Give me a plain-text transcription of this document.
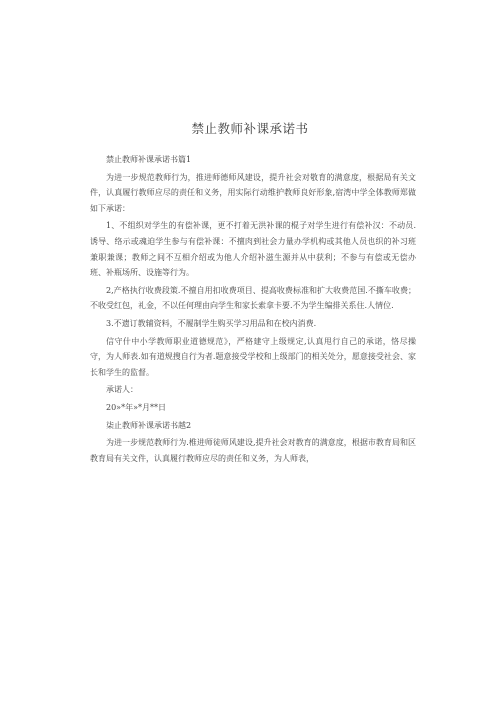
禁止教师补课承诺书

禁止教师补课承诺书篇1

为进一步规范教师行为，推进师德师风建设，提升社会对敬育的满意度，根据局有关文件，认真履行教师应尽的责任和义务，用实际行动维护教师良好形象,宿湾中学全体教师郑做如下承诺：

1、不组织对学生的有偿补课，更不打着无洪补课的棍子对学生进行有偿补汉：不动员.诱导、络示或魂迫学生参与有偿补课：不擅肉到社会力量办学机构或其他人员也织的补习班兼职兼课；教师之间不互相介绍或为他人介绍补滋生源并从中获利；不参与有偿或无偿办班、补瓶场所、设施等行为。

2,产格执行收费段策.不擅自用扣收费项目、提高收费标准和扩大收费范国.不撕车收费；不收受红包，礼金，不以任何理由向学生和家长索拿卡要.不为学生编排关系住.人情位.

3.不遗订教辅资料，不履制学生购买学习用品和在校内消费.

信守什中小学教师职业道德规范》，严格建守上级规定,认真甩行自己的承诺，恪尽操守，为人师表.如有道规搜自行为者.题意接受学校和上级部门的相关处分，愿意接受社会、家长和学生的监督。

承诺人：

20»*年»*月**日

柒止教师补课承诺书越2

为进一步规范教师行为.椎进师徒师风建设,提升社会对教育的满意度，根据市教育局和区教育局有关文件，认真履行教师应尽的责任和义务，为人师表，
